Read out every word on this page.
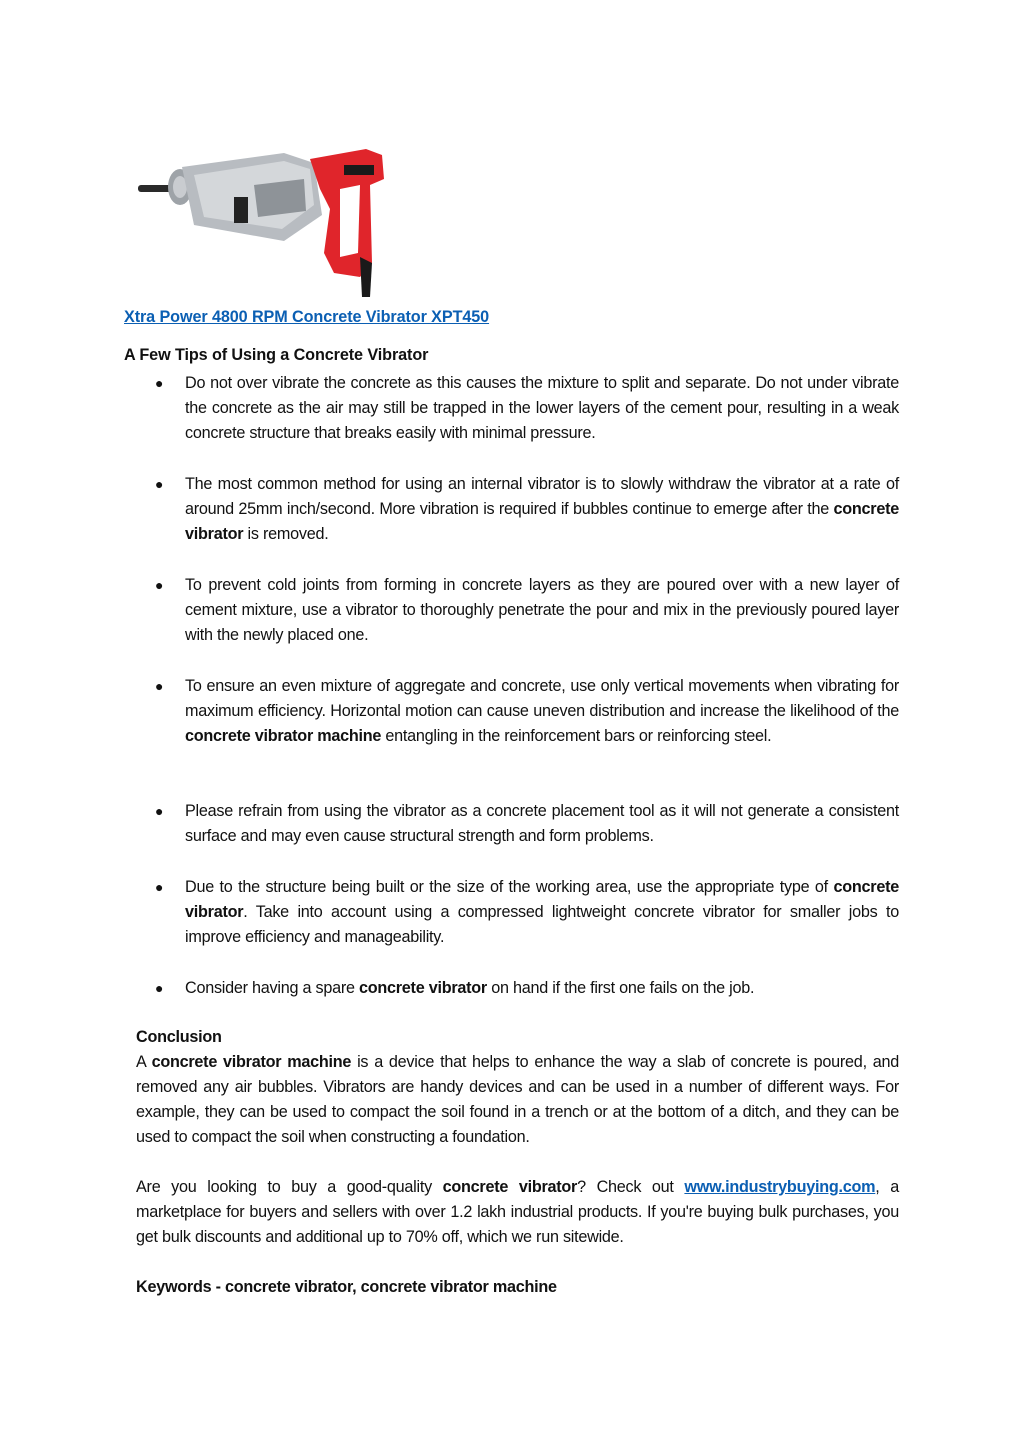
Xtra Power 4800 RPM Concrete Vibrator XPT450
A Few Tips of Using a Concrete Vibrator
● Do not over vibrate the concrete as this causes the mixture to split and separate. Do not under vibrate the concrete as the air may still be trapped in the lower layers of the cement pour, resulting in a weak concrete structure that breaks easily with minimal pressure.
● The most common method for using an internal vibrator is to slowly withdraw the vibrator at a rate of around 25mm inch/second. More vibration is required if bubbles continue to emerge after the concrete vibrator is removed.
● To prevent cold joints from forming in concrete layers as they are poured over with a new layer of cement mixture, use a vibrator to thoroughly penetrate the pour and mix in the previously poured layer with the newly placed one.
● To ensure an even mixture of aggregate and concrete, use only vertical movements when vibrating for maximum efficiency. Horizontal motion can cause uneven distribution and increase the likelihood of the concrete vibrator machine entangling in the reinforcement bars or reinforcing steel.
● Please refrain from using the vibrator as a concrete placement tool as it will not generate a consistent surface and may even cause structural strength and form problems.
● Due to the structure being built or the size of the working area, use the appropriate type of concrete vibrator. Take into account using a compressed lightweight concrete vibrator for smaller jobs to improve efficiency and manageability.
● Consider having a spare concrete vibrator on hand if the first one fails on the job.
Conclusion
A concrete vibrator machine is a device that helps to enhance the way a slab of concrete is poured, and removed any air bubbles. Vibrators are handy devices and can be used in a number of different ways. For example, they can be used to compact the soil found in a trench or at the bottom of a ditch, and they can be used to compact the soil when constructing a foundation.
Are you looking to buy a good-quality concrete vibrator? Check out www.industrybuying.com, a marketplace for buyers and sellers with over 1.2 lakh industrial products. If you're buying bulk purchases, you get bulk discounts and additional up to 70% off, which we run sitewide.
Keywords - concrete vibrator, concrete vibrator machine
